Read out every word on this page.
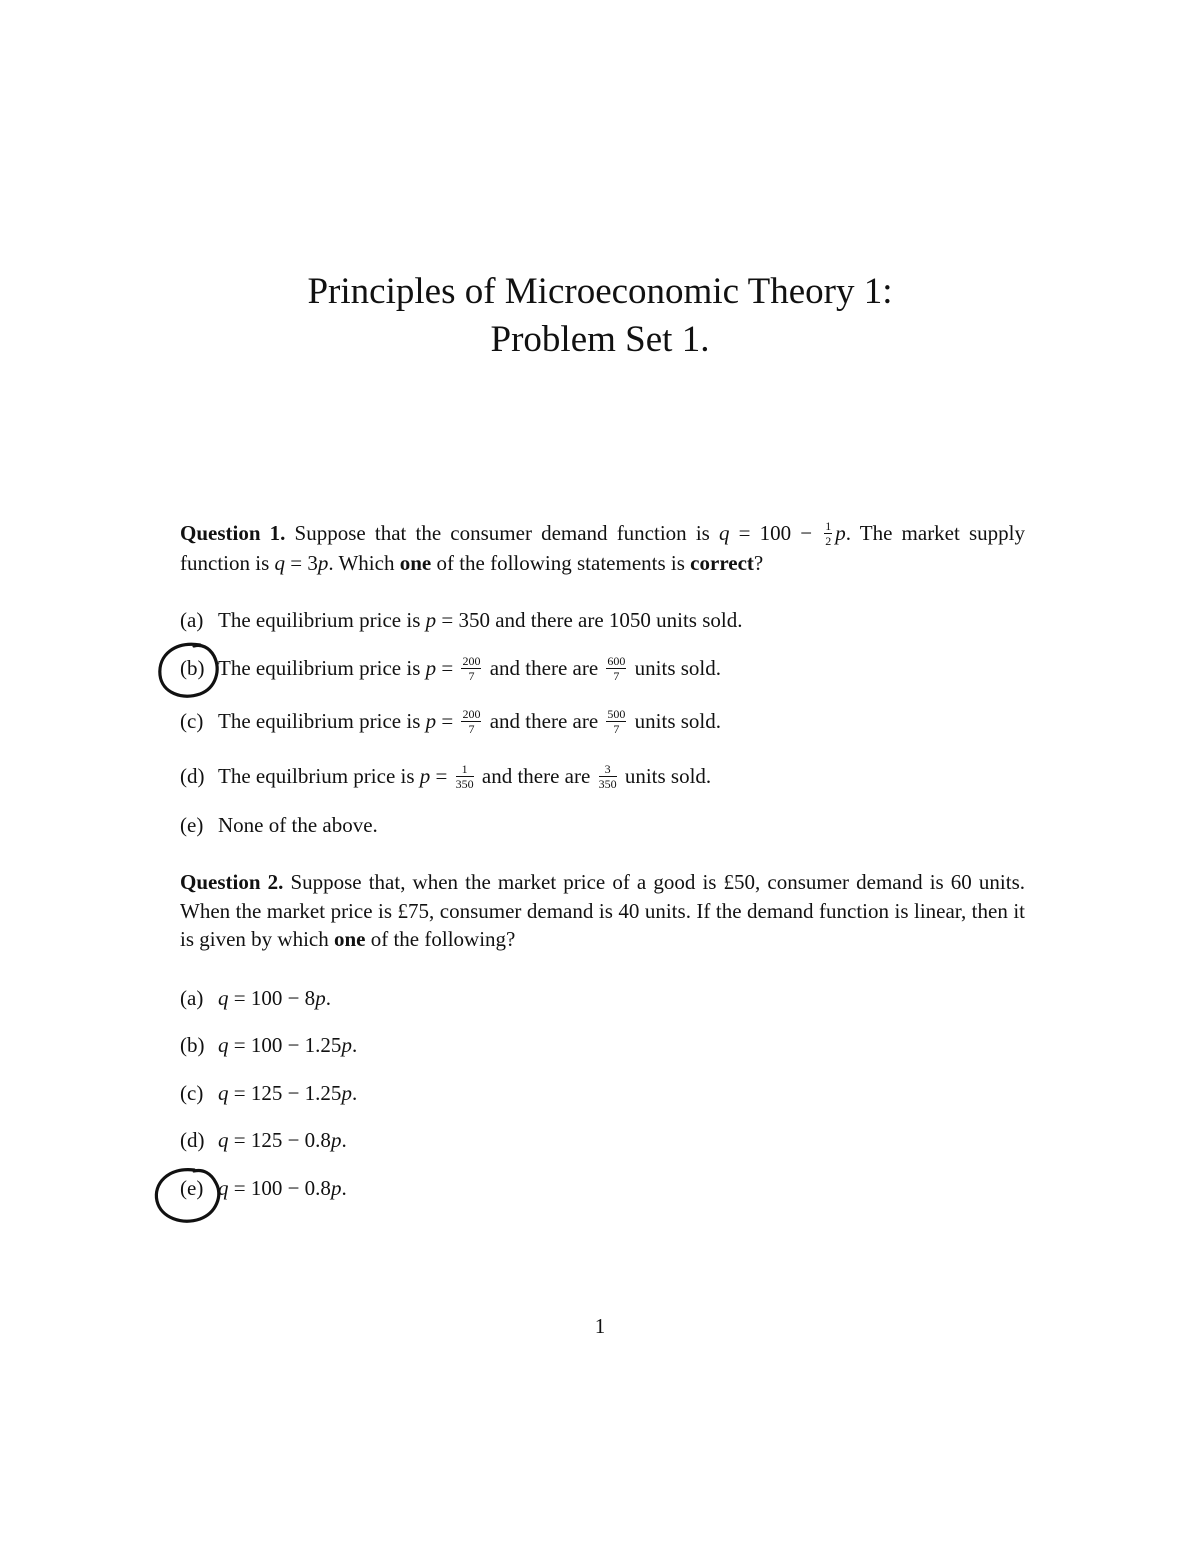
Principles of Microeconomic Theory 1:
Problem Set 1.
Question 1. Suppose that the consumer demand function is $q = 100 - \frac{1}{2} p$. The market supply function is q = 3p. Which one of the following statements is correct?
(a) The equilibrium price is p = 350 and there are 1050 units sold.
(b) The equilibrium price is $p = \frac{200}{7}$ and there are $\frac{600}{7}$ units sold.
(c) The equilibrium price is $p = \frac{200}{7}$ and there are $\frac{500}{7}$ units sold.
(d) The equilbrium price is $p = \frac{1}{350}$ and there are $\frac{3}{350}$ units sold.
(e) None of the above.
Question 2. Suppose that, when the market price of a good is £50, consumer demand is 60 units. When the market price is £75, consumer demand is 40 units. If the demand function is linear, then it is given by which one of the following?
(a) q = 100 − 8p.
(b) q = 100 − 1.25p.
(c) q = 125 − 1.25p.
(d) q = 125 − 0.8p.
(e) q = 100 − 0.8p.
1
